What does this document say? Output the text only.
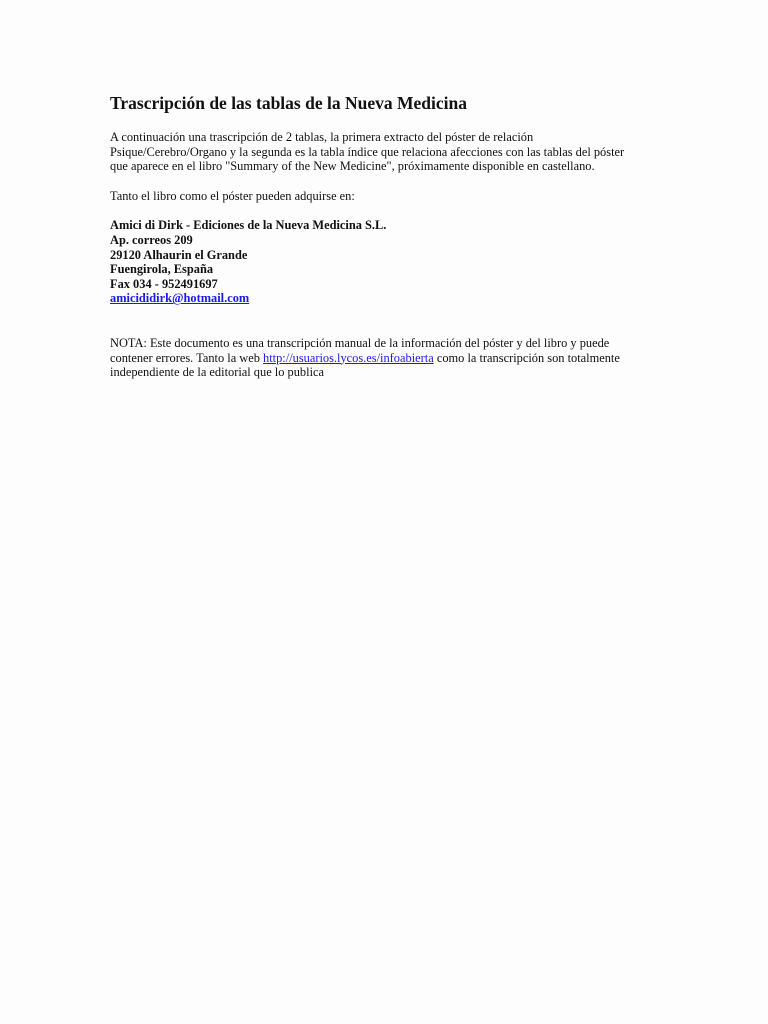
Trascripción de las tablas de la Nueva Medicina

A continuación una trascripción de 2 tablas, la primera extracto del póster de relación
Psique/Cerebro/Organo y la segunda es la tabla índice que relaciona afecciones con las tablas del póster
que aparece en el libro "Summary of the New Medicine", próximamente disponible en castellano.

Tanto el libro como el póster pueden adquirse en:

Amici di Dirk - Ediciones de la Nueva Medicina S.L.
Ap. correos 209
29120 Alhaurin el Grande
Fuengirola, España
Fax 034 - 952491697
amicididirk@hotmail.com

NOTA: Este documento es una transcripción manual de la información del póster y del libro y puede
contener errores. Tanto la web http://usuarios.lycos.es/infoabierta como la transcripción son totalmente
independiente de la editorial que lo publica
